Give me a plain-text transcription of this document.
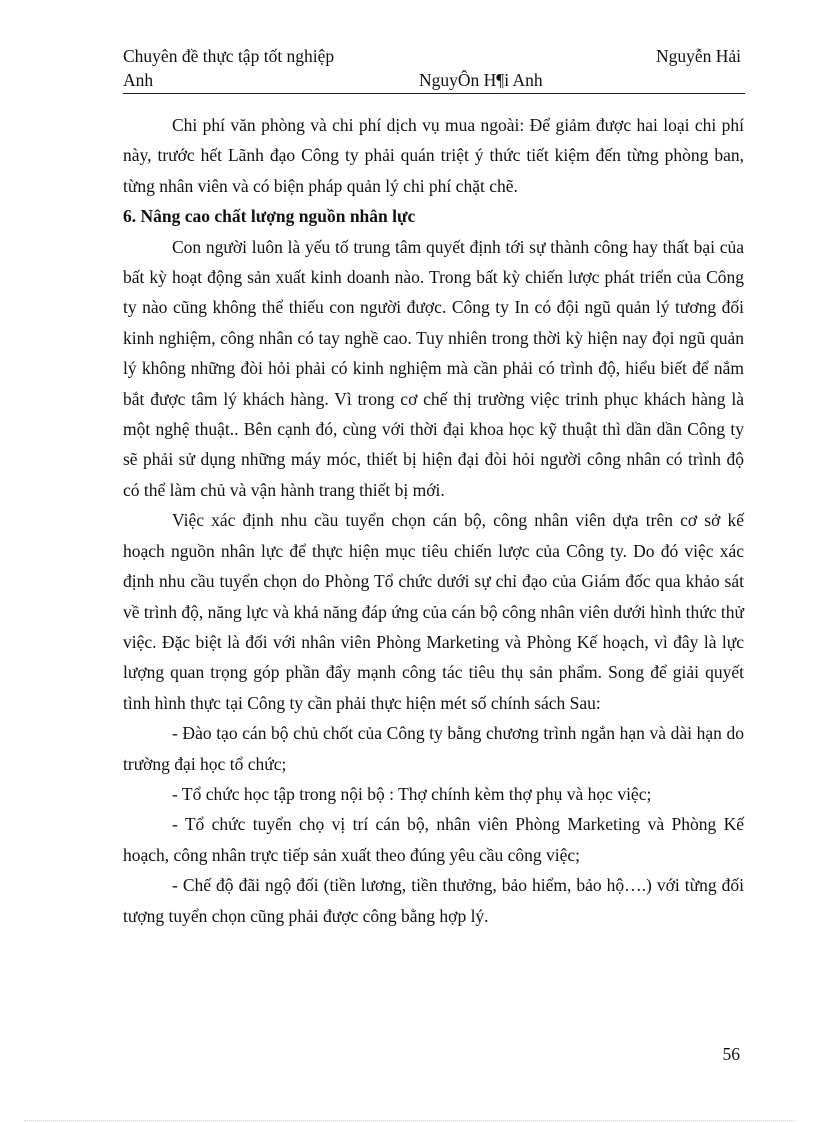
Chuyên đề thực tập tốt nghiệp	Nguyễn Hải
Anh	NguyÔn H¶i Anh

Chi phí văn phòng và chi phí dịch vụ mua ngoài: Để giảm được hai loại chi phí này, trước hết Lãnh đạo Công ty phải quán triệt ý thức tiết kiệm đến từng phòng ban, từng nhân viên và có biện pháp quản lý chi phí chặt chẽ.

6. Nâng cao chất lượng nguồn nhân lực

Con người luôn là yếu tố trung tâm quyết định tới sự thành công hay thất bại của bất kỳ hoạt động sản xuất kinh doanh nào. Trong bất kỳ chiến lược phát triển của Công ty nào cũng không thể thiếu con người được. Công ty In có đội ngũ quản lý tương đối kinh nghiệm, công nhân có tay nghề cao. Tuy nhiên trong thời kỳ hiện nay đọi ngũ quản lý không những đòi hỏi phải có kinh nghiệm mà cần phải có trình độ, hiểu biết để nắm bắt được tâm lý khách hàng. Vì trong cơ chế thị trường việc trinh phục khách hàng là một nghệ thuật.. Bên cạnh đó, cùng với thời đại khoa học kỹ thuật thì dần dần Công ty sẽ phải sử dụng những máy móc, thiết bị hiện đại đòi hỏi người công nhân có trình độ có thể làm chủ và vận hành trang thiết bị mới.

Việc xác định nhu cầu tuyển chọn cán bộ, công nhân viên dựa trên cơ sở kế hoạch nguồn nhân lực để thực hiện mục tiêu chiến lược của Công ty. Do đó việc xác định nhu cầu tuyển chọn do Phòng Tổ chức dưới sự chỉ đạo của Giám đốc qua khảo sát về trình độ, năng lực và khả năng đáp ứng của cán bộ công nhân viên dưới hình thức thử việc. Đặc biệt là đối với nhân viên Phòng Marketing và Phòng Kế hoạch, vì đây là lực lượng quan trọng góp phần đẩy mạnh công tác tiêu thụ sản phẩm. Song để giải quyết tình hình thực tại Công ty cần phải thực hiện mét số chính sách Sau:

- Đào tạo cán bộ chủ chốt của Công ty bằng chương trình ngắn hạn và dài hạn do trường đại học tổ chức;

- Tổ chức học tập trong nội bộ : Thợ chính kèm thợ phụ và học việc;

- Tổ chức tuyển chọ vị trí cán bộ, nhân viên Phòng Marketing và Phòng Kế hoạch, công nhân trực tiếp sản xuất theo đúng yêu cầu công việc;

- Chế độ đãi ngộ đối (tiền lương, tiền thưởng, bảo hiểm, bảo hộ….) với từng đối tượng tuyển chọn cũng phải được công bằng hợp lý.

56
